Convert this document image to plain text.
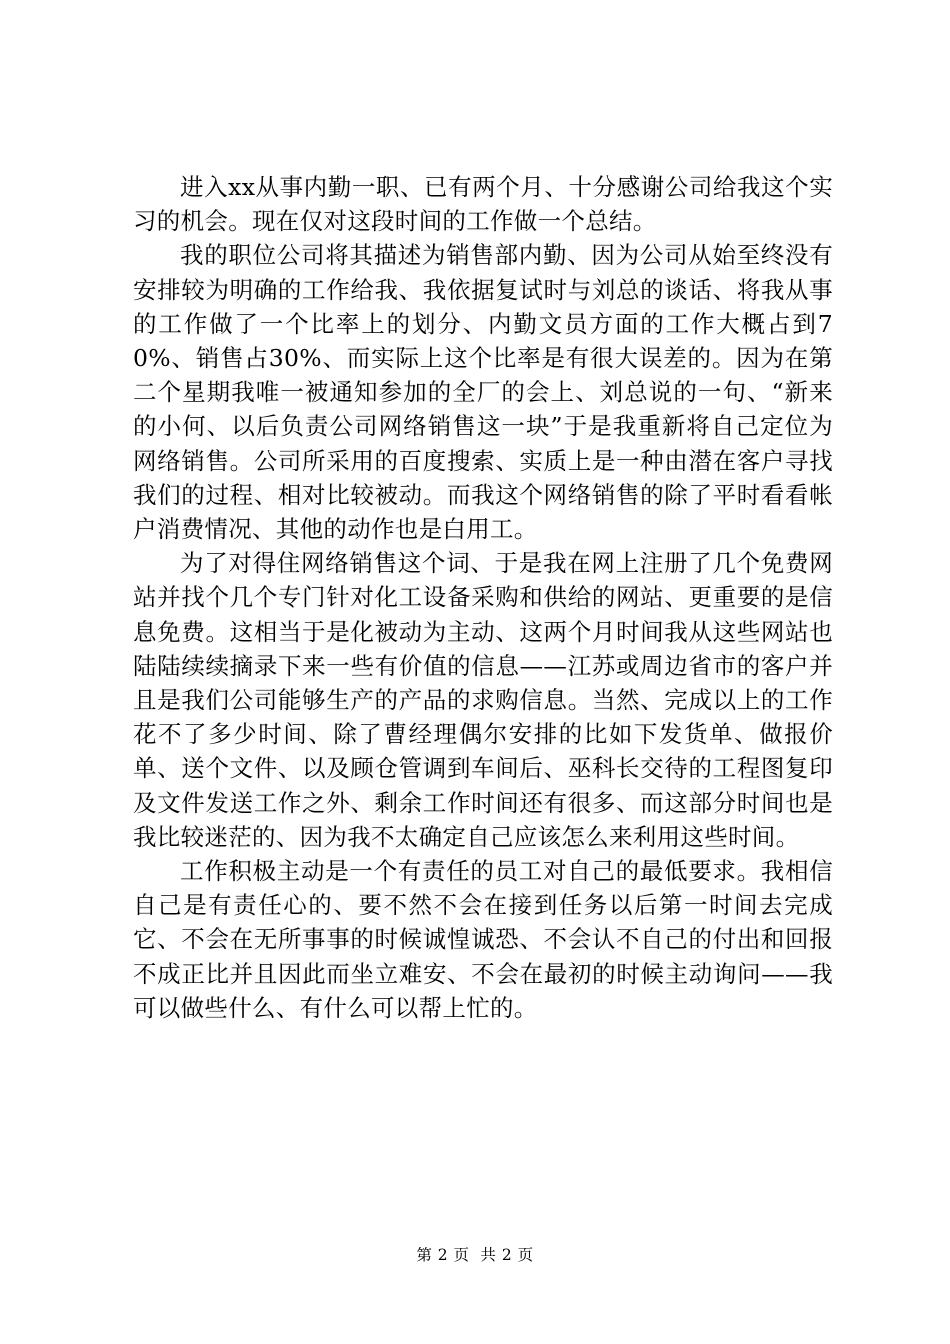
进入xx从事内勤一职、已有两个月、十分感谢公司给我这个实习的机会。现在仅对这段时间的工作做一个总结。

我的职位公司将其描述为销售部内勤、因为公司从始至终没有安排较为明确的工作给我、我依据复试时与刘总的谈话、将我从事的工作做了一个比率上的划分、内勤文员方面的工作大概占到70%、销售占30%、而实际上这个比率是有很大误差的。因为在第二个星期我唯一被通知参加的全厂的会上、刘总说的一句、“新来的小何、以后负责公司网络销售这一块”于是我重新将自己定位为网络销售。公司所采用的百度搜索、实质上是一种由潜在客户寻找我们的过程、相对比较被动。而我这个网络销售的除了平时看看帐户消费情况、其他的动作也是白用工。

为了对得住网络销售这个词、于是我在网上注册了几个免费网站并找个几个专门针对化工设备采购和供给的网站、更重要的是信息免费。这相当于是化被动为主动、这两个月时间我从这些网站也陆陆续续摘录下来一些有价值的信息——江苏或周边省市的客户并且是我们公司能够生产的产品的求购信息。当然、完成以上的工作花不了多少时间、除了曹经理偶尔安排的比如下发货单、做报价单、送个文件、以及顾仓管调到车间后、巫科长交待的工程图复印及文件发送工作之外、剩余工作时间还有很多、而这部分时间也是我比较迷茫的、因为我不太确定自己应该怎么来利用这些时间。

工作积极主动是一个有责任的员工对自己的最低要求。我相信自己是有责任心的、要不然不会在接到任务以后第一时间去完成它、不会在无所事事的时候诚惶诚恐、不会认不自己的付出和回报不成正比并且因此而坐立难安、不会在最初的时候主动询问——我可以做些什么、有什么可以帮上忙的。

第 2 页  共 2 页
